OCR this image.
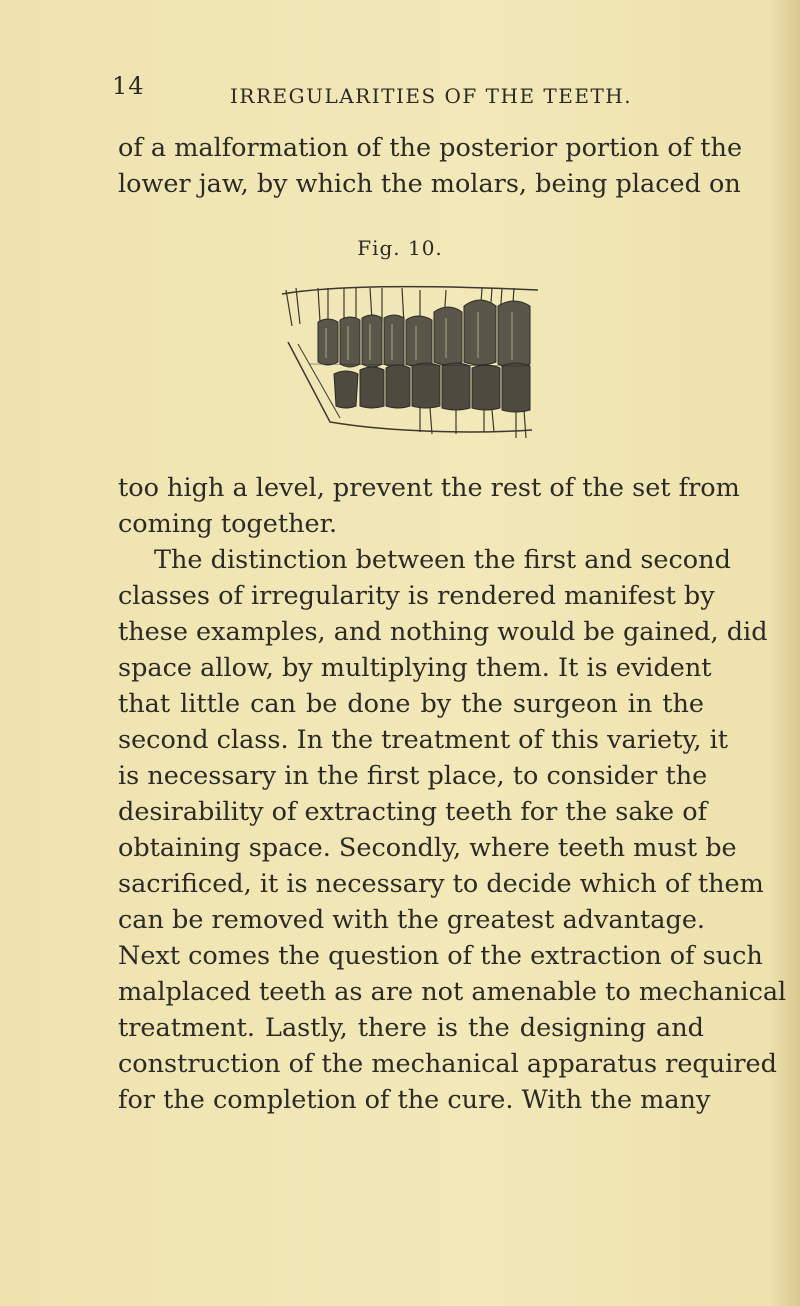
14	IRREGULARITIES OF THE TEETH.
of a malformation of the posterior portion of the
lower jaw, by which the molars, being placed on
Fig. 10.
too high a level, prevent the rest of the set from
coming together.
The distinction between the first and second
classes of irregularity is rendered manifest by
these examples, and nothing would be gained, did
space allow, by multiplying them. It is evident
that little can be done by the surgeon in the
second class. In the treatment of this variety, it
is necessary in the first place, to consider the
desirability of extracting teeth for the sake of
obtaining space. Secondly, where teeth must be
sacrificed, it is necessary to decide which of them
can be removed with the greatest advantage.
Next comes the question of the extraction of such
malplaced teeth as are not amenable to mechanical
treatment. Lastly, there is the designing and
construction of the mechanical apparatus required
for the completion of the cure. With the many
